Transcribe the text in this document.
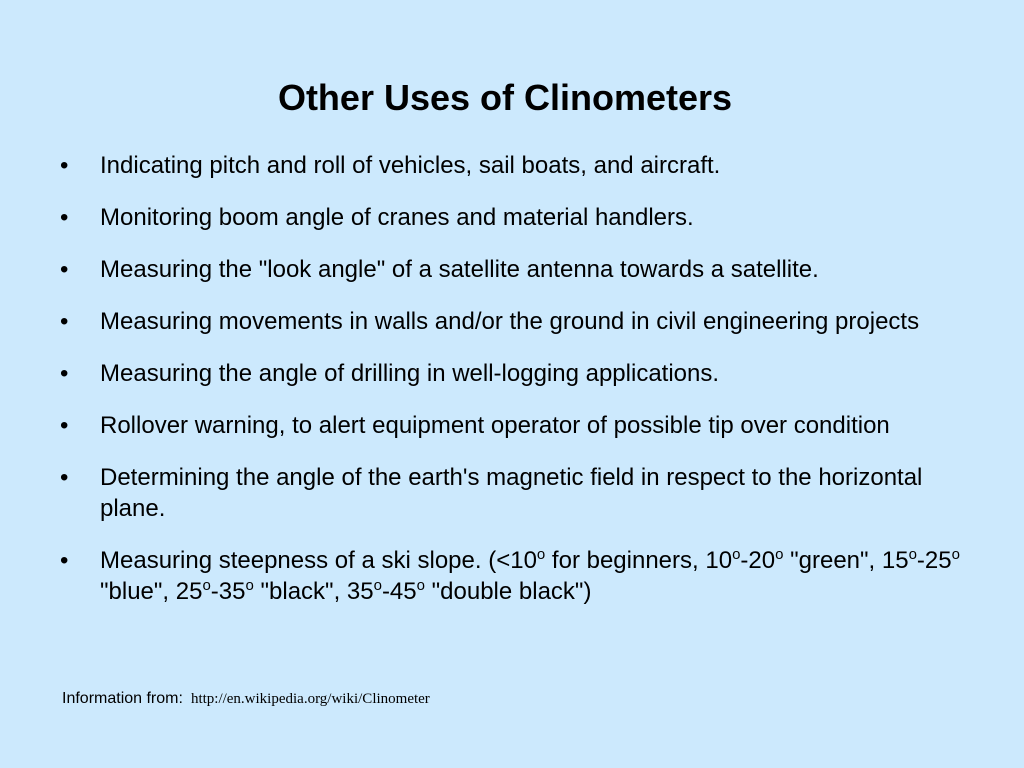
Other Uses of Clinometers
•	Indicating pitch and roll of vehicles, sail boats, and aircraft.
•	Monitoring boom angle of cranes and material handlers.
•	Measuring the "look angle" of a satellite antenna towards a satellite.
•	Measuring movements in walls and/or the ground in civil engineering projects
•	Measuring the angle of drilling in well-logging applications.
•	Rollover warning, to alert equipment operator of possible tip over condition
•	Determining the angle of the earth's magnetic field in respect to the horizontal plane.
•	Measuring steepness of a ski slope. ($<10^o$ for beginners, 10$^o$-20$^o$ "green", 15$^o$-25$^o$ "blue", 25$^o$-35$^o$ "black", 35$^o$-45$^o$ "double black")
Information from: http://en.wikipedia.org/wiki/Clinometer
